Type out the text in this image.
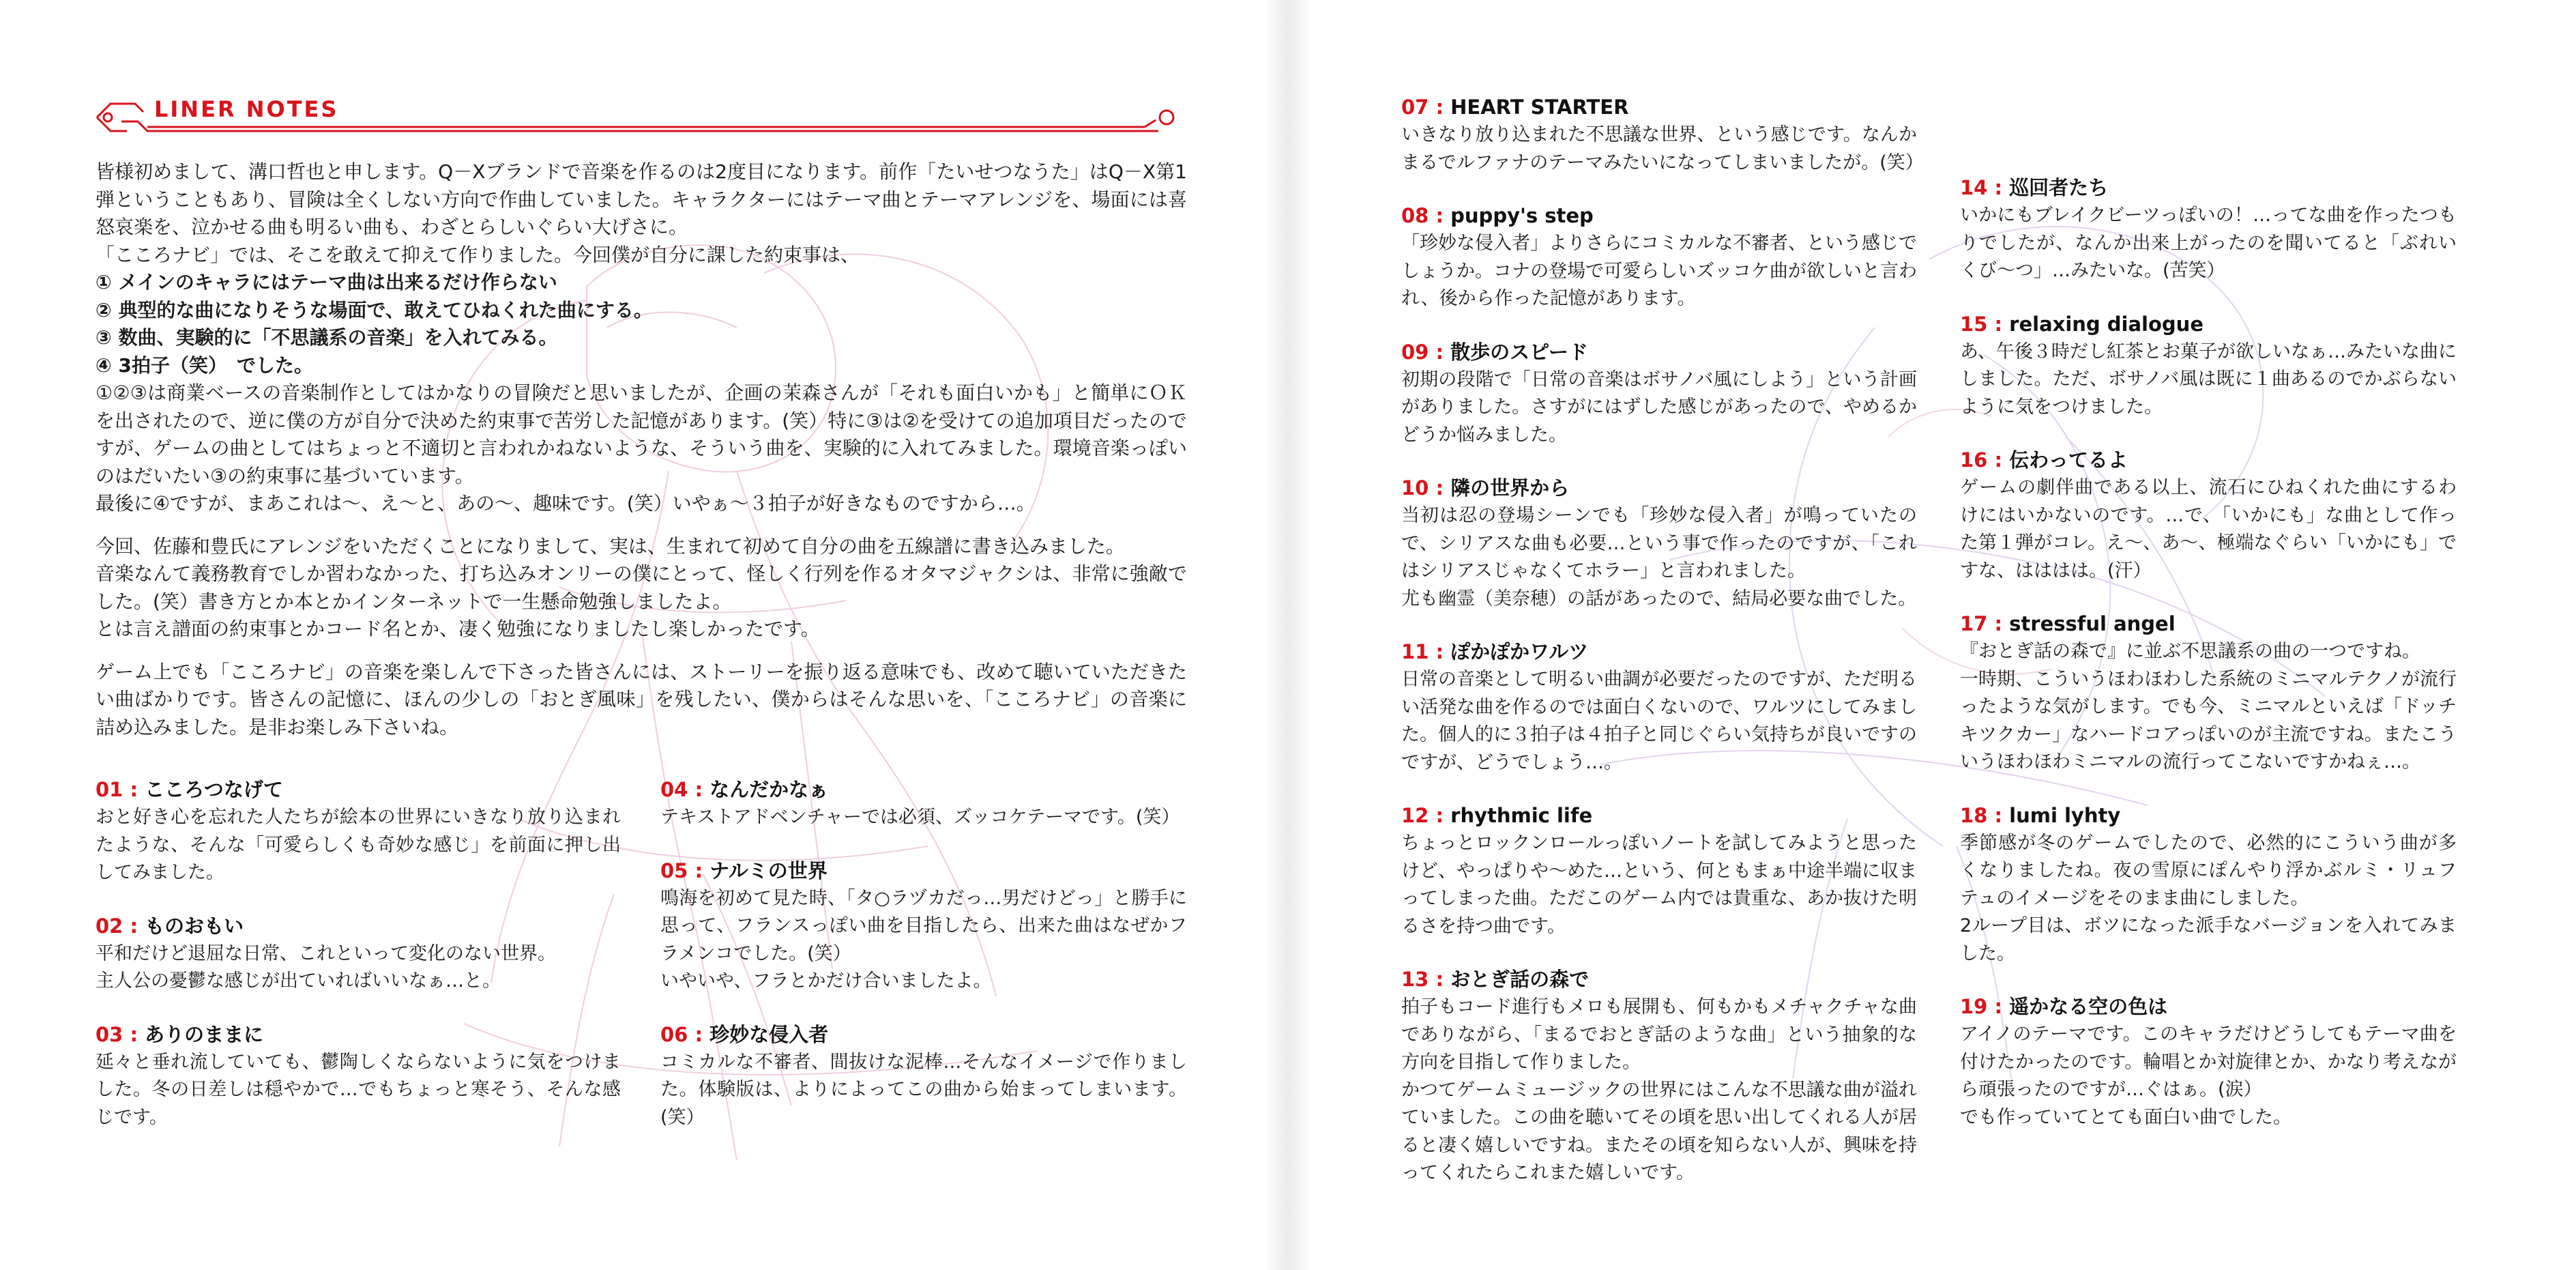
LINER NOTES

皆様初めまして、溝口哲也と申します。Q－Xブランドで音楽を作るのは2度目になります。前作「たいせつなうた」はQ－X第1弾ということもあり、冒険は全くしない方向で作曲していました。キャラクターにはテーマ曲とテーマアレンジを、場面には喜怒哀楽を、泣かせる曲も明るい曲も、わざとらしいぐらい大げさに。
「こころナビ」では、そこを敢えて抑えて作りました。今回僕が自分に課した約束事は、

① メインのキャラにはテーマ曲は出来るだけ作らない

② 典型的な曲になりそうな場面で、敢えてひねくれた曲にする。

③ 数曲、実験的に「不思議系の音楽」を入れてみる。

④ 3拍子（笑）　でした。

①②③は商業ベースの音楽制作としてはかなりの冒険だと思いましたが、企画の茉森さんが「それも面白いかも」と簡単にＯＫを出されたので、逆に僕の方が自分で決めた約束事で苦労した記憶があります。(笑）特に③は②を受けての追加項目だったのですが、ゲームの曲としてはちょっと不適切と言われかねないような、そういう曲を、実験的に入れてみました。環境音楽っぽいのはだいたい③の約束事に基づいています。
最後に④ですが、まあこれは～、え～と、あの～、趣味です。(笑）いやぁ～３拍子が好きなものですから…。

今回、佐藤和豊氏にアレンジをいただくことになりまして、実は、生まれて初めて自分の曲を五線譜に書き込みました。
音楽なんて義務教育でしか習わなかった、打ち込みオンリーの僕にとって、怪しく行列を作るオタマジャクシは、非常に強敵でした。(笑）書き方とか本とかインターネットで一生懸命勉強しましたよ。
とは言え譜面の約束事とかコード名とか、凄く勉強になりましたし楽しかったです。

ゲーム上でも「こころナビ」の音楽を楽しんで下さった皆さんには、ストーリーを振り返る意味でも、改めて聴いていただきたい曲ばかりです。皆さんの記憶に、ほんの少しの「おとぎ風味」を残したい、僕からはそんな思いを、「こころナビ」の音楽に詰め込みました。是非お楽しみ下さいね。

01 : こころつなげて

おと好き心を忘れた人たちが絵本の世界にいきなり放り込まれたような、そんな「可愛らしくも奇妙な感じ」を前面に押し出してみました。

02 : ものおもい

平和だけど退屈な日常、これといって変化のない世界。
主人公の憂鬱な感じが出ていればいいなぁ…と。

03 : ありのままに

延々と垂れ流していても、鬱陶しくならないように気をつけました。冬の日差しは穏やかで…でもちょっと寒そう、そんな感じです。

04 : なんだかなぁ

テキストアドベンチャーでは必須、ズッコケテーマです。(笑）

05 : ナルミの世界

鳴海を初めて見た時、「タ○ラヅカだっ…男だけどっ」と勝手に思って、フランスっぽい曲を目指したら、出来た曲はなぜかフラメンコでした。(笑）
いやいや、フラとかだけ合いましたよ。

06 : 珍妙な侵入者

コミカルな不審者、間抜けな泥棒…そんなイメージで作りました。体験版は、よりによってこの曲から始まってしまいます。(笑）

07 : HEART STARTER

いきなり放り込まれた不思議な世界、という感じです。なんかまるでルファナのテーマみたいになってしまいましたが。(笑）

08 : puppy's step

「珍妙な侵入者」よりさらにコミカルな不審者、という感じでしょうか。コナの登場で可愛らしいズッコケ曲が欲しいと言われ、後から作った記憶があります。

09 : 散歩のスピード

初期の段階で「日常の音楽はボサノバ風にしよう」という計画がありました。さすがにはずした感じがあったので、やめるかどうか悩みました。

10 : 隣の世界から

当初は忍の登場シーンでも「珍妙な侵入者」が鳴っていたので、シリアスな曲も必要…という事で作ったのですが、「これはシリアスじゃなくてホラー」と言われました。
尤も幽霊（美奈穂）の話があったので、結局必要な曲でした。

11 : ぽかぽかワルツ

日常の音楽として明るい曲調が必要だったのですが、ただ明るい活発な曲を作るのでは面白くないので、ワルツにしてみました。個人的に３拍子は４拍子と同じぐらい気持ちが良いですのですが、どうでしょう…。

12 : rhythmic life

ちょっとロックンロールっぽいノートを試してみようと思ったけど、やっぱりや～めた…という、何ともまぁ中途半端に収まってしまった曲。ただこのゲーム内では貴重な、あか抜けた明るさを持つ曲です。

13 : おとぎ話の森で

拍子もコード進行もメロも展開も、何もかもメチャクチャな曲でありながら、「まるでおとぎ話のような曲」という抽象的な方向を目指して作りました。
かつてゲームミュージックの世界にはこんな不思議な曲が溢れていました。この曲を聴いてその頃を思い出してくれる人が居ると凄く嬉しいですね。またその頃を知らない人が、興味を持ってくれたらこれまた嬉しいです。

14 : 巡回者たち

いかにもブレイクビーツっぽいの！…ってな曲を作ったつもりでしたが、なんか出来上がったのを聞いてると「ぶれいくび～つ」…みたいな。(苦笑）

15 : relaxing dialogue

あ、午後３時だし紅茶とお菓子が欲しいなぁ…みたいな曲にしました。ただ、ボサノバ風は既に１曲あるのでかぶらないように気をつけました。

16 : 伝わってるよ

ゲームの劇伴曲である以上、流石にひねくれた曲にするわけにはいかないのです。…で、「いかにも」な曲として作った第１弾がコレ。え～、あ～、極端なぐらい「いかにも」ですな、はははは。(汗）

17 : stressful angel

『おとぎ話の森で』に並ぶ不思議系の曲の一つですね。
一時期、こういうほわほわした系統のミニマルテクノが流行ったような気がします。でも今、ミニマルといえば「ドッチキツクカー」なハードコアっぽいのが主流ですね。またこういうほわほわミニマルの流行ってこないですかねぇ…。

18 : lumi lyhty

季節感が冬のゲームでしたので、必然的にこういう曲が多くなりましたね。夜の雪原にぽんやり浮かぶルミ・リュフテュのイメージをそのまま曲にしました。
2ループ目は、ボツになった派手なバージョンを入れてみました。

19 : 遥かなる空の色は

アイノのテーマです。このキャラだけどうしてもテーマ曲を付けたかったのです。輪唱とか対旋律とか、かなり考えながら頑張ったのですが…ぐはぁ。(涙）
でも作っていてとても面白い曲でした。
